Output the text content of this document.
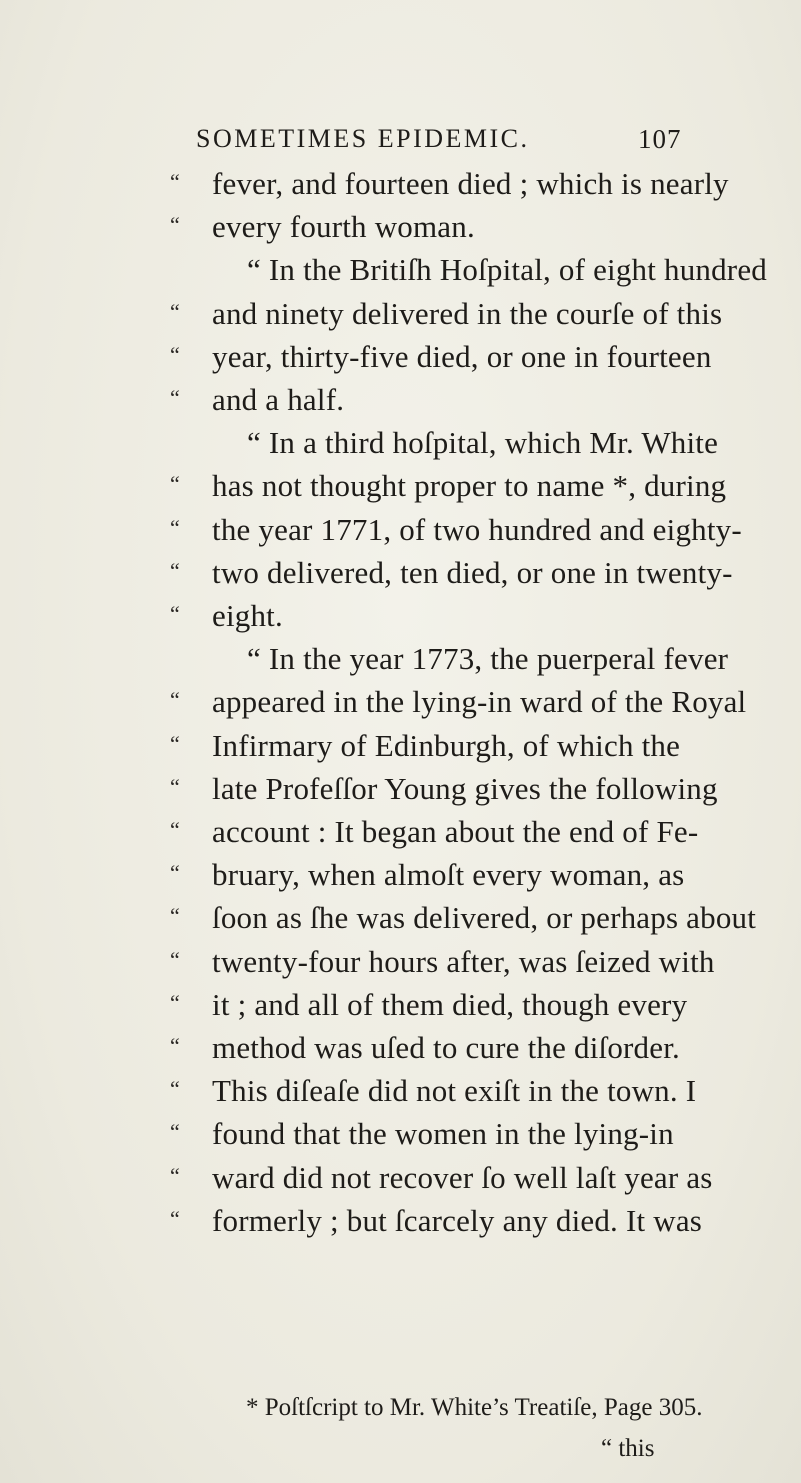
SOMETIMES EPIDEMIC.	107
“ fever, and fourteen died ; which is nearly
“ every fourth woman.
“ In the Britiſh Hoſpital, of eight hundred
“ and ninety delivered in the courſe of this
“ year, thirty-five died, or one in fourteen
“ and a half.
“ In a third hoſpital, which Mr. White
“ has not thought proper to name *, during
“ the year 1771, of two hundred and eighty-
“ two delivered, ten died, or one in twenty-
“ eight.
“ In the year 1773, the puerperal fever
“ appeared in the lying-in ward of the Royal
“ Infirmary of Edinburgh, of which the
“ late Profeſſor Young gives the following
“ account : It began about the end of Fe-
“ bruary, when almoſt every woman, as
“ ſoon as ſhe was delivered, or perhaps about
“ twenty-four hours after, was ſeized with
“ it ; and all of them died, though every
“ method was uſed to cure the diſorder.
“ This diſeaſe did not exiſt in the town. I
“ found that the women in the lying-in
“ ward did not recover ſo well laſt year as
“ formerly ; but ſcarcely any died. It was
* Poſtſcript to Mr. White’s Treatiſe, Page 305.
“ this
